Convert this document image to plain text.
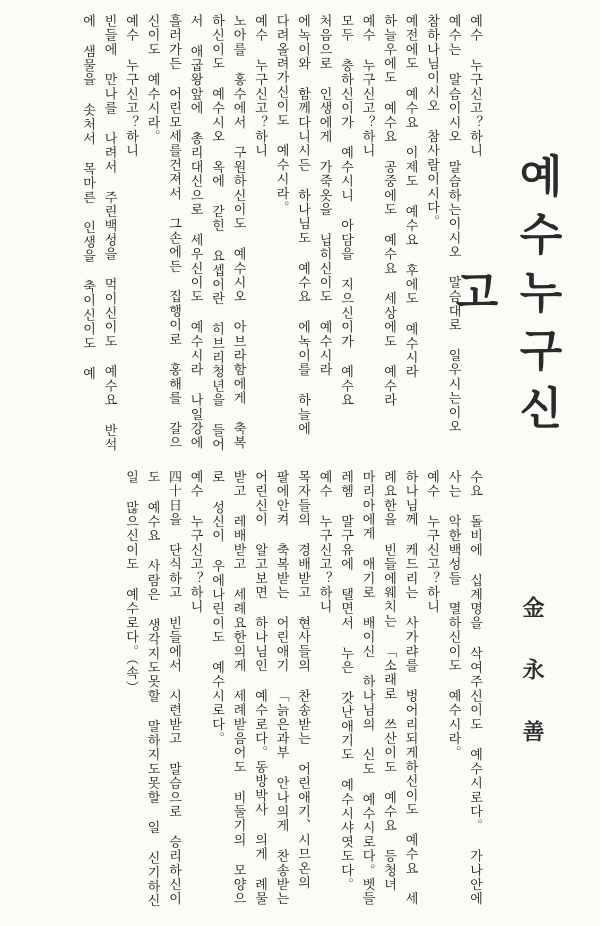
예수누구신고
金永善

예수 누구신고？하니

예수는 말슴이시오 말슴하는이시오 말슴대로 일우시는이오 참하나님이시오 참사람이시다。

예전에도 예수요 이제도 예수요 후에도 예수시라

하늘우에도 예수요 공중에도 예수요 세상에도 예수라

예수 누구신고？하니

모두 충하신이가 예수시니 아담을 지으신이가 예수요

처음으로 인생에게 가죽옷을 닙히신이도 예수시라

에녹이와 함께다니시든 하나님도 예수요 에녹이를 하늘에 다려올려가신이도 예수시라。

예수 누구신고？하니

노아를 홍수에서 구원하신이도 예수시오 아브라함에게 축복하신이도 예수시오 옥에 갇힌 요셉이란 히브리청년을 들어서 애굽왕앞에 총리대신으로 세우신이도 예수시라 나일강에 흘러가든 어린모세를건져서 그손에든 집행이로 홍해를 갈으신이도 예수시라。

예수 누구신고？하니

빈들에 만나를 나려서 주린백성을 먹이신이도 예수요 반석에 샘물을 솟처서 목마른 인생을 축이신이도 예

수요 돌비에 십계명을 삭여주신이도 예수시로다。 가나안에사는 악한백성들 멸하신이도 예수시라。

예수 누구신고？하니

하나님께 케드리는 사가랴를 벙어리되게하신이도 예수요 세례요한을 빈들에웨치는 「소래로 쓰산이도 예수요 등청녀 마리아에게 애기로 배이신 하나님의 신도 예수시로다。벳들레헴 말구유에 탤면서 누은 갓난애기도 예수시샤엿도다。

예수 누구신고？하니

목자들의 경배받고 현사들의 찬송받는 어린애기、시므온의 팔에안켜 축복받는 어린애기 「늙은과부 안나의게 찬송받는 어린신이 알고보면 하나님인 예수로다。동방박사 의게 례물받고 레배받고 세례요한의게 세례받음어도 비둘기의 모양으로 성신이 우에나린이도 예수시로다。

예수 누구신고？하니

四十日을 단식하고 빈들에서 시련받고 말슴으로 승리하신이도 예수요 사람은 생각지도못할 말하지도못할 일 신기하신일 많으신이도 예수로다。（속）
